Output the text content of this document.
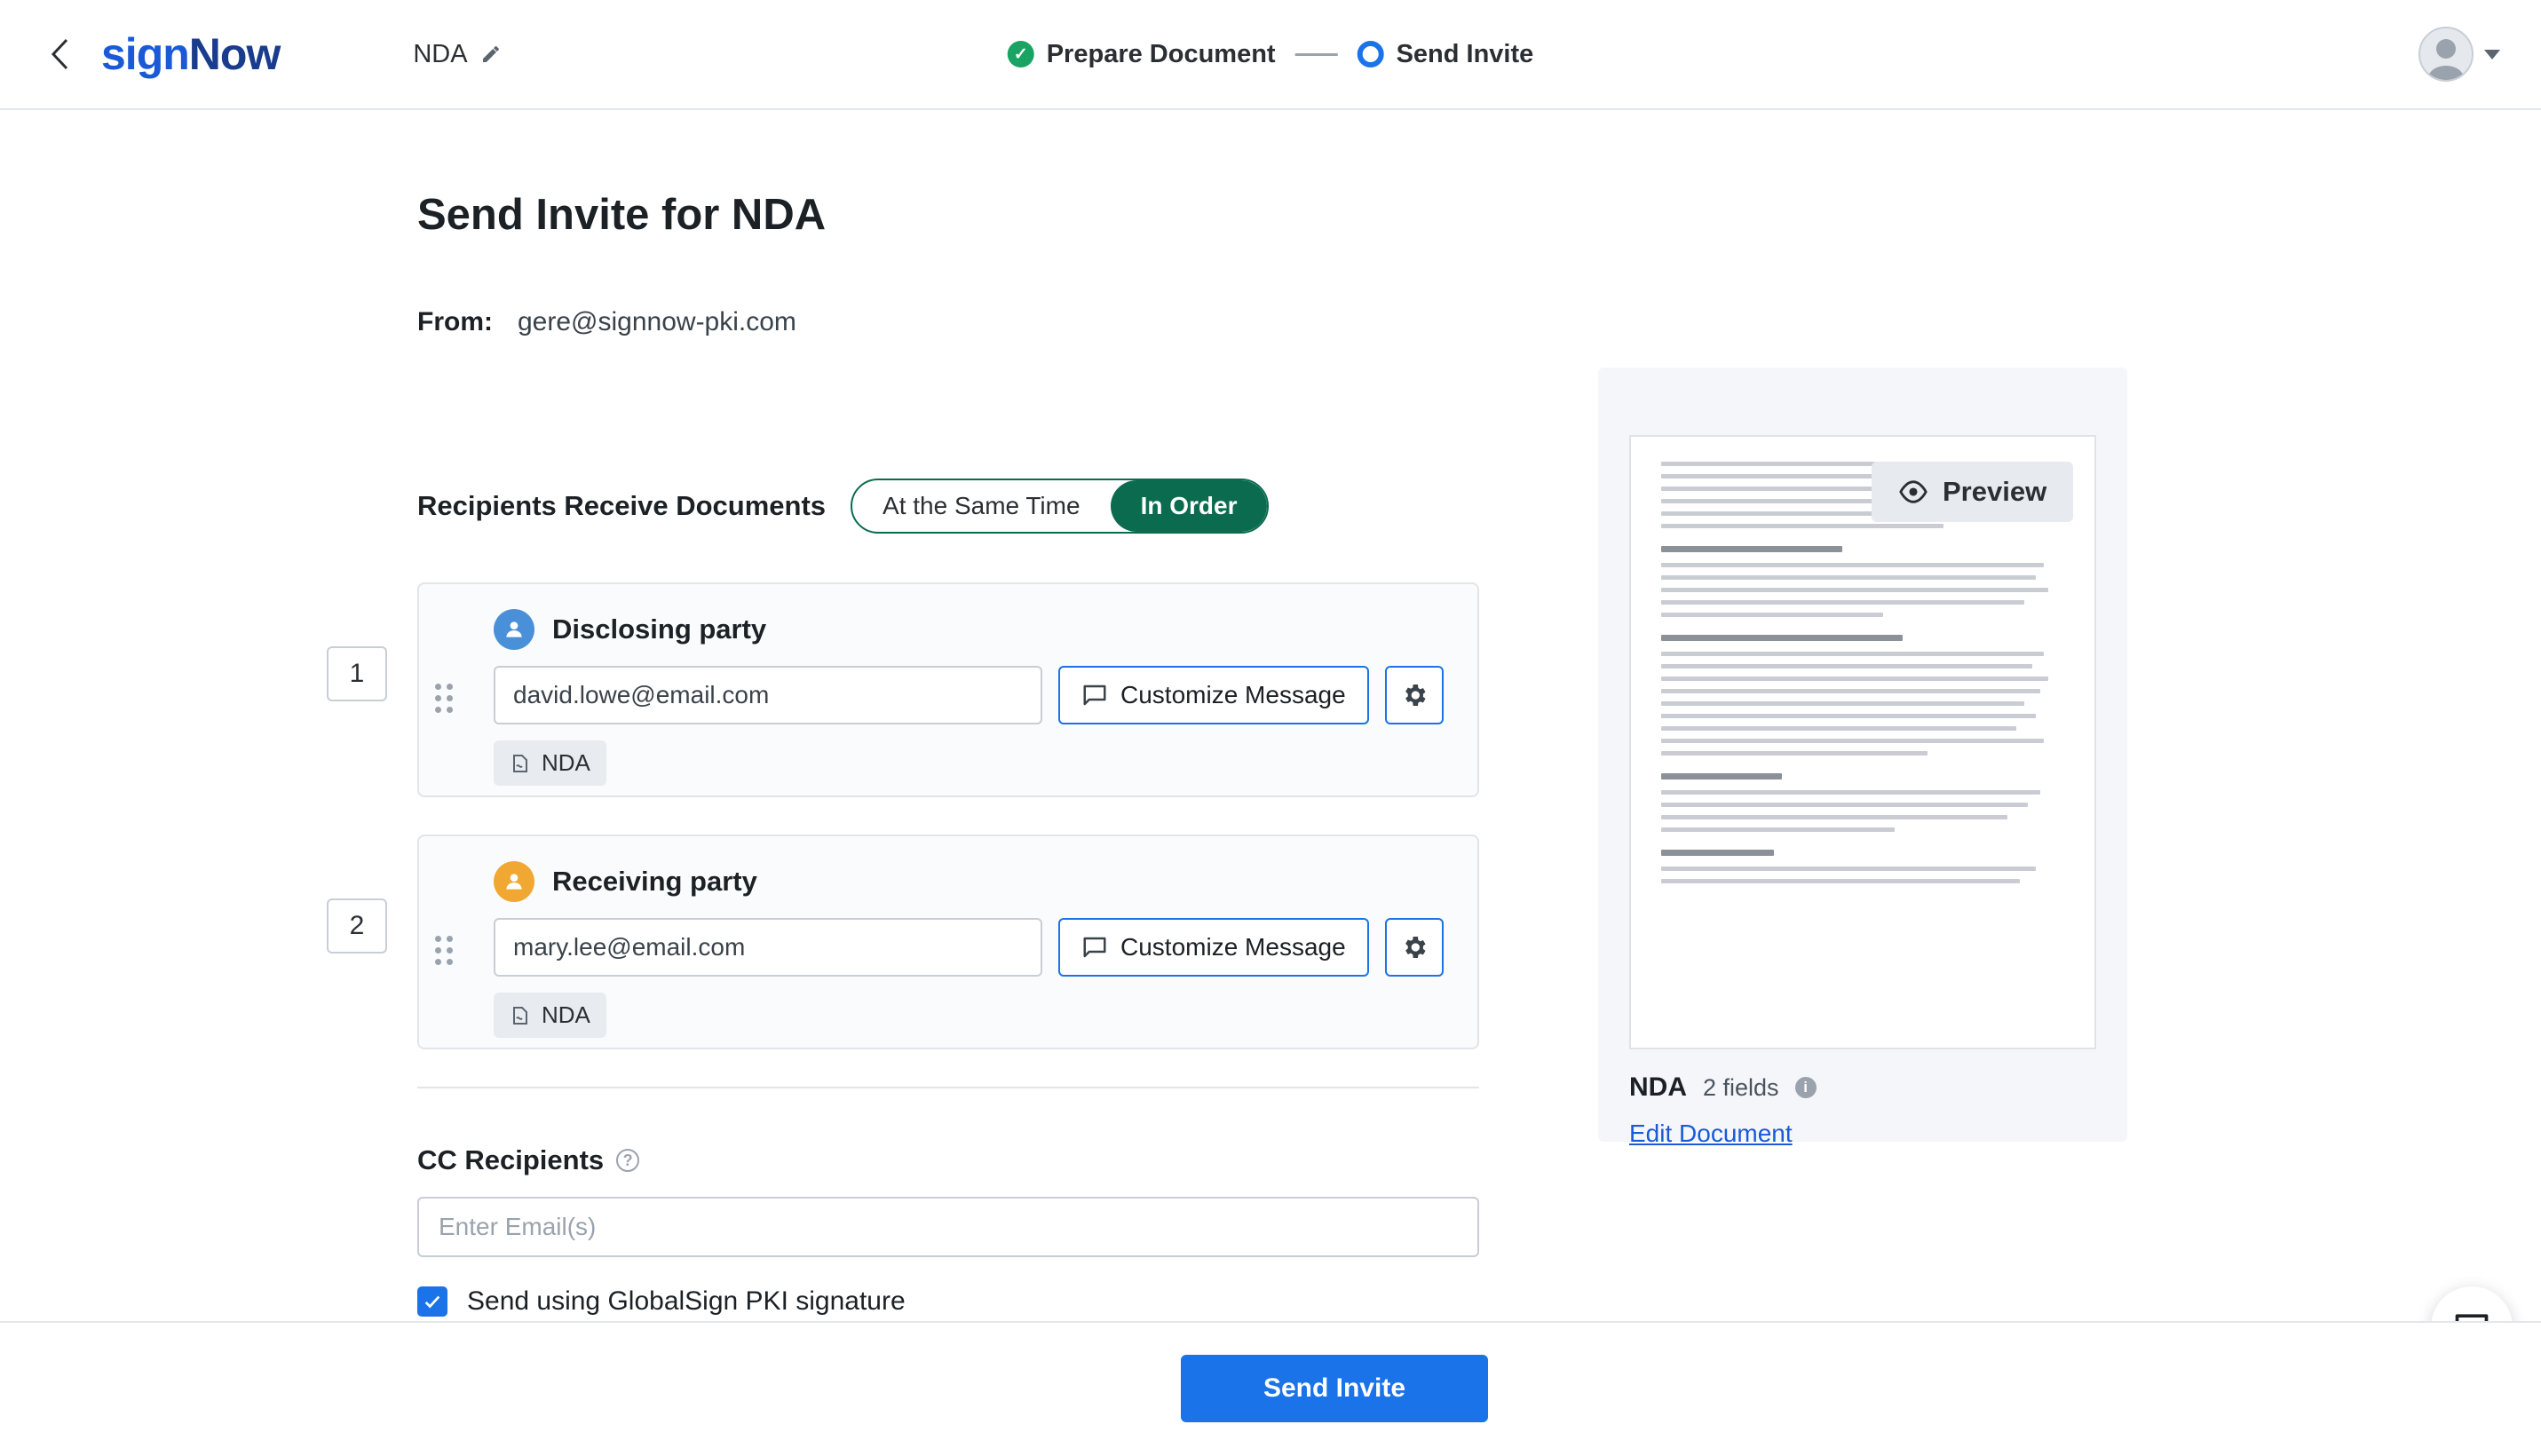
signNow	NDA	✓ Prepare Document	Send Invite
Send Invite for NDA
From: gere@signnow-pki.com
Recipients Receive Documents	At the Same Time	In Order
Disclosing party
david.lowe@email.com
Customize Message
NDA
1
Receiving party
mary.lee@email.com
Customize Message
NDA
2
CC Recipients	?
Enter Email(s)
Send using GlobalSign PKI signature
Preview
NDA 2 fields	i
Edit Document
Send Invite
